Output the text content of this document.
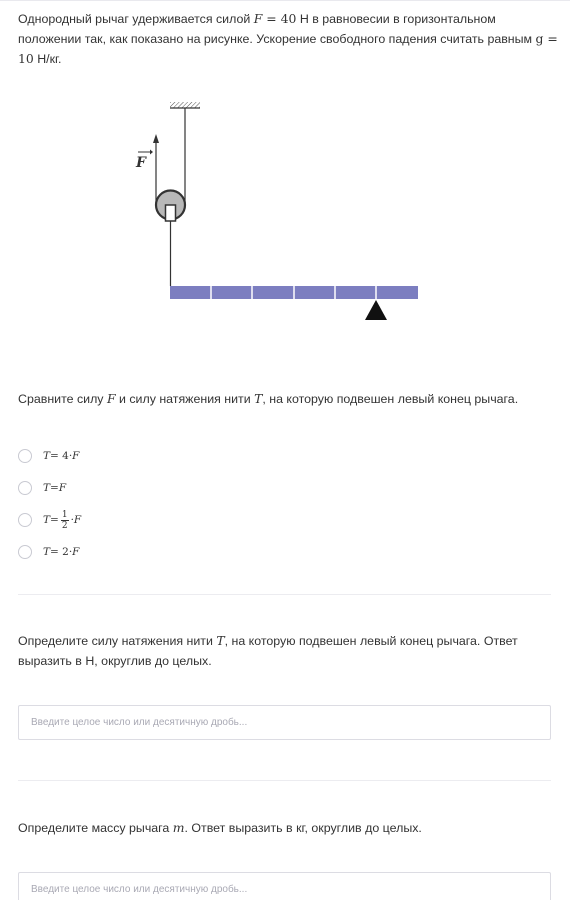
Однородный рычаг удерживается силой F = 40 Н в равновесии в горизонтальном положении так, как показано на рисунке. Ускорение свободного падения считать равным g = 10 Н/кг.
F
Сравните силу F и силу натяжения нити T, на которую подвешен левый конец рычага.
T = 4· F
T = F
$T = \frac{1}{2} \cdot F$
T = 2· F
Определите силу натяжения нити T, на которую подвешен левый конец рычага. Ответ выразить в Н, округлив до целых.
Введите целое число или десятичную дробь...
Определите массу рычага m. Ответ выразить в кг, округлив до целых.
Введите целое число или десятичную дробь...
